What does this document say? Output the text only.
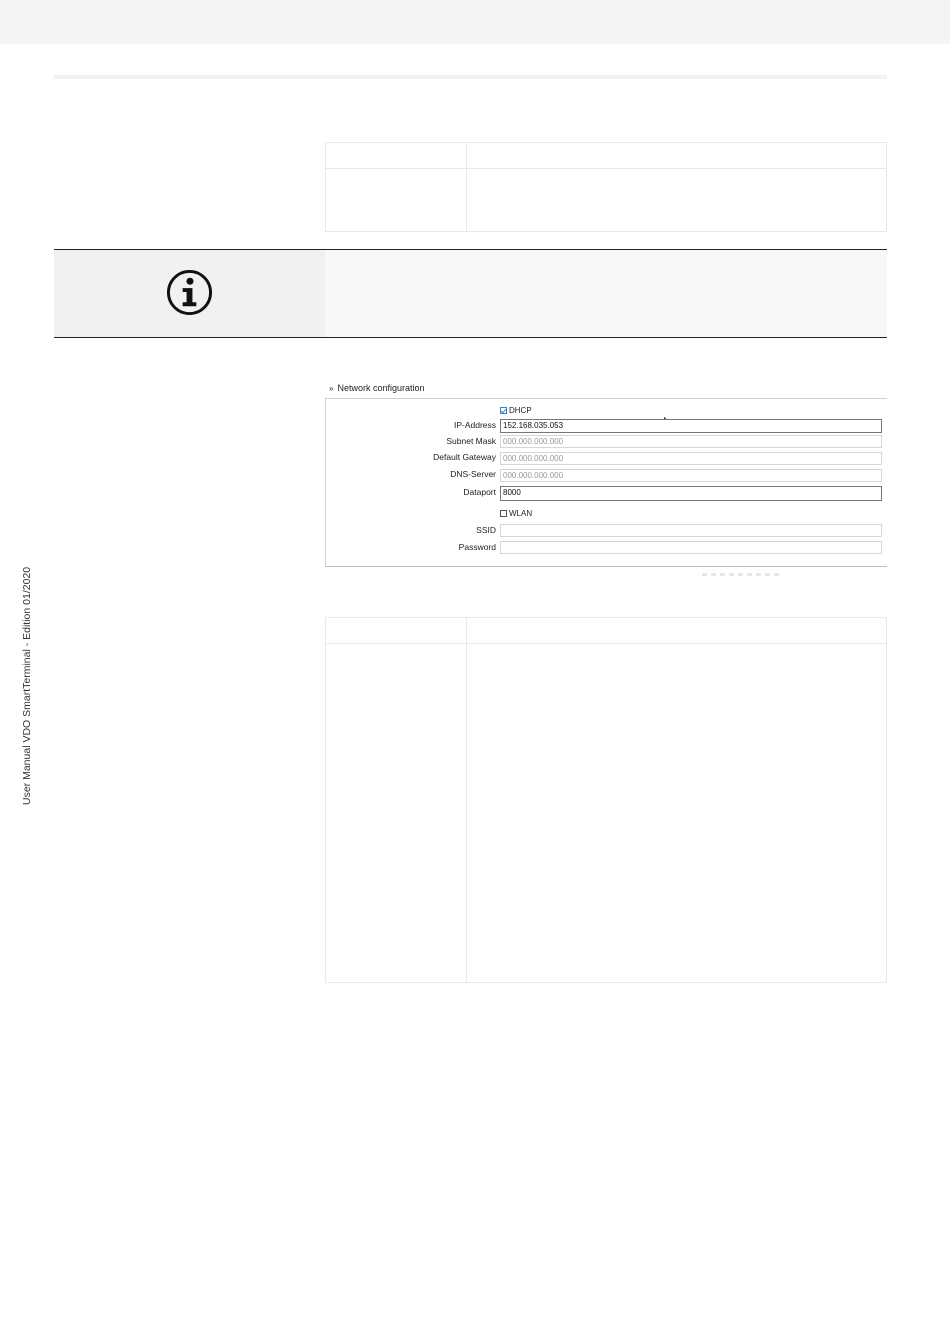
» Network configuration
DHCP
IP-Address 152.168.035.053
Subnet Mask 000.000.000.000
Default Gateway 000.000.000.000
DNS-Server 000.000.000.000
Dataport 8000
WLAN
SSID
Password
User Manual VDO SmartTerminal - Edition 01/2020
